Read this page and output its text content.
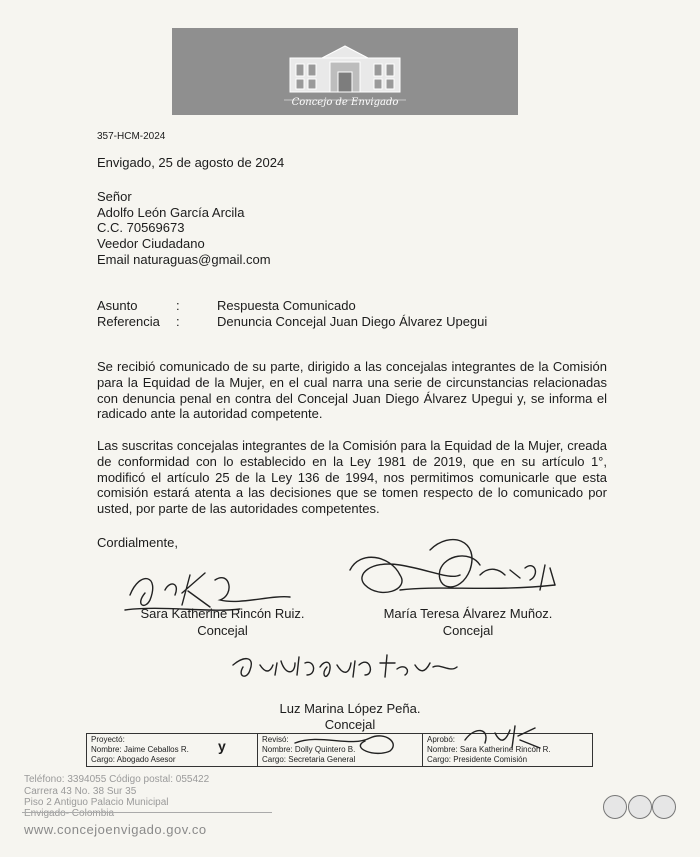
Concejo de Envigado
357-HCM-2024
Envigado, 25 de agosto de 2024
Señor
Adolfo León García Arcila
C.C. 70569673
Veedor Ciudadano
Email naturaguas@gmail.com
Asunto	:	Respuesta Comunicado
Referencia :	Denuncia Concejal Juan Diego Álvarez Upegui
Se recibió comunicado de su parte, dirigido a las concejalas integrantes de la Comisión para la Equidad de la Mujer, en el cual narra una serie de circunstancias relacionadas con denuncia penal en contra del Concejal Juan Diego Álvarez Upegui y, se informa el radicado ante la autoridad competente.
Las suscritas concejalas integrantes de la Comisión para la Equidad de la Mujer, creada de conformidad con lo establecido en la Ley 1981 de 2019, que en su artículo 1°, modificó el artículo 25 de la Ley 136 de 1994, nos permitimos comunicarle que esta comisión estará atenta a las decisiones que se tomen respecto de lo comunicado por usted, por parte de las autoridades competentes.
Cordialmente,
Sara Katherine Rincón Ruiz.
Concejal
María Teresa Álvarez Muñoz.
Concejal
Luz Marina López Peña.
Concejal
Proyectó:
Nombre: Jaime Ceballos R.
Cargo: Abogado Asesor
Revisó:
Nombre: Dolly Quintero B.
Cargo: Secretaria General
Aprobó:
Nombre: Sara Katherine Rincón R.
Cargo: Presidente Comisión
y
Teléfono: 3394055 Código postal: 055422
Carrera 43 No. 38 Sur 35
Piso 2 Antiguo Palacio Municipal
Envigado- Colombia
www.concejoenvigado.gov.co
